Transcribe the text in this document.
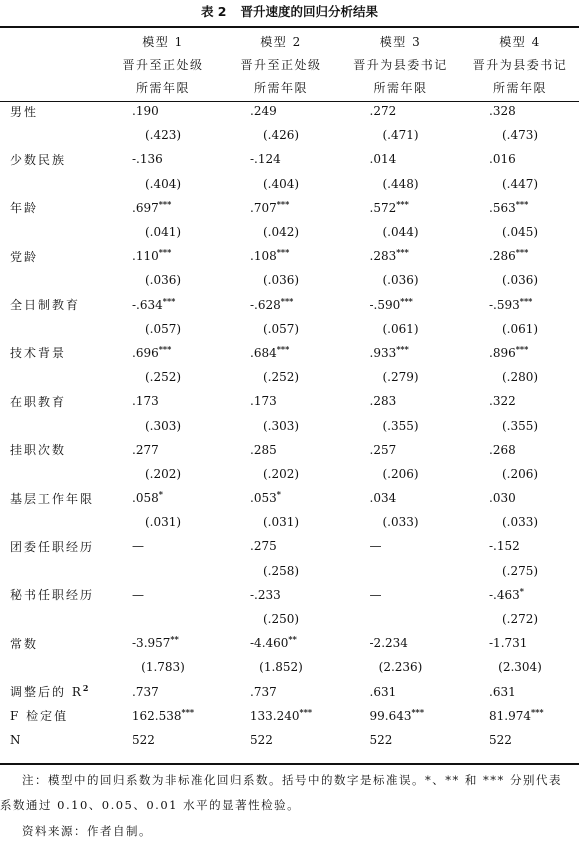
表 2 晋升速度的回归分析结果
	模型 1	模型 2	模型 3	模型 4
	晋升至正处级	晋升至正处级	晋升为县委书记	晋升为县委书记
	所需年限	所需年限	所需年限	所需年限
男性	.190	.249	.272	.328
	(.423)	(.426)	(.471)	(.473)
少数民族	-.136	-.124	.014	.016
	(.404)	(.404)	(.448)	(.447)
年龄	.697***	.707***	.572***	.563***
	(.041)	(.042)	(.044)	(.045)
党龄	.110***	.108***	.283***	.286***
	(.036)	(.036)	(.036)	(.036)
全日制教育	-.634***	-.628***	-.590***	-.593***
	(.057)	(.057)	(.061)	(.061)
技术背景	.696***	.684***	.933***	.896***
	(.252)	(.252)	(.279)	(.280)
在职教育	.173	.173	.283	.322
	(.303)	(.303)	(.355)	(.355)
挂职次数	.277	.285	.257	.268
	(.202)	(.202)	(.206)	(.206)
基层工作年限	.058*	.053*	.034	.030
	(.031)	(.031)	(.033)	(.033)
团委任职经历	—	.275	—	-.152
		(.258)		(.275)
秘书任职经历	—	-.233	—	-.463*
		(.250)		(.272)
常数	-3.957**	-4.460**	-2.234	-1.731
	(1.783)	(1.852)	(2.236)	(2.304)
调整后的 $R^2$	.737	.737	.631	.631
F 检定值	162.538***	133.240***	99.643***	81.974***
N	522	522	522	522
注：模型中的回归系数为非标准化回归系数。括号中的数字是标准误。*、** 和 *** 分别代表
系数通过 0.10、0.05、0.01 水平的显著性检验。
资料来源：作者自制。
